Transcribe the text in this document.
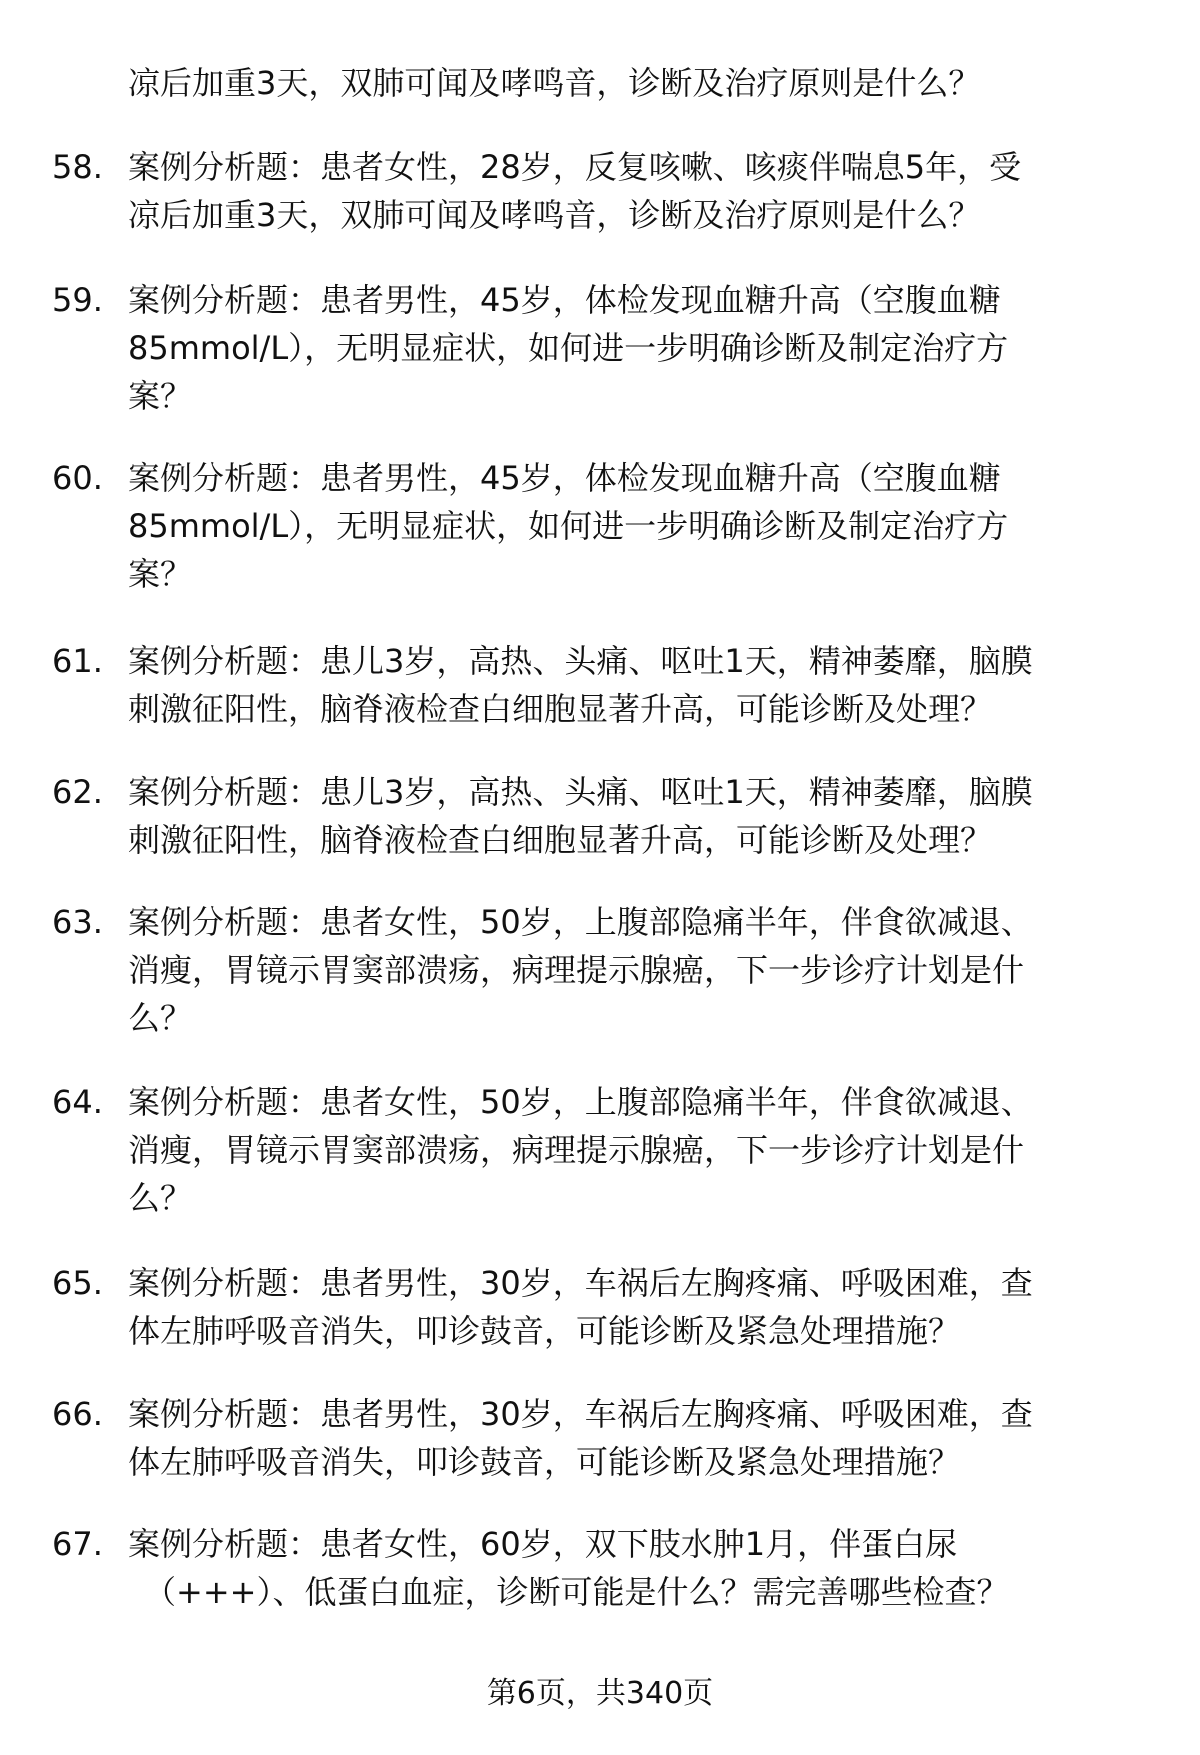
凉后加重3天，双肺可闻及哮鸣音，诊断及治疗原则是什么？
58. 案例分析题：患者女性，28岁，反复咳嗽、咳痰伴喘息5年，受
凉后加重3天，双肺可闻及哮鸣音，诊断及治疗原则是什么？
59. 案例分析题：患者男性，45岁，体检发现血糖升高（空腹血糖
85mmol/L），无明显症状，如何进一步明确诊断及制定治疗方
案？
60. 案例分析题：患者男性，45岁，体检发现血糖升高（空腹血糖
85mmol/L），无明显症状，如何进一步明确诊断及制定治疗方
案？
61. 案例分析题：患儿3岁，高热、头痛、呕吐1天，精神萎靡，脑膜
刺激征阳性，脑脊液检查白细胞显著升高，可能诊断及处理？
62. 案例分析题：患儿3岁，高热、头痛、呕吐1天，精神萎靡，脑膜
刺激征阳性，脑脊液检查白细胞显著升高，可能诊断及处理？
63. 案例分析题：患者女性，50岁，上腹部隐痛半年，伴食欲减退、
消瘦，胃镜示胃窦部溃疡，病理提示腺癌，下一步诊疗计划是什
么？
64. 案例分析题：患者女性，50岁，上腹部隐痛半年，伴食欲减退、
消瘦，胃镜示胃窦部溃疡，病理提示腺癌，下一步诊疗计划是什
么？
65. 案例分析题：患者男性，30岁，车祸后左胸疼痛、呼吸困难，查
体左肺呼吸音消失，叩诊鼓音，可能诊断及紧急处理措施？
66. 案例分析题：患者男性，30岁，车祸后左胸疼痛、呼吸困难，查
体左肺呼吸音消失，叩诊鼓音，可能诊断及紧急处理措施？
67. 案例分析题：患者女性，60岁，双下肢水肿1月，伴蛋白尿
（+++）、低蛋白血症，诊断可能是什么？需完善哪些检查？
第6页，共340页
